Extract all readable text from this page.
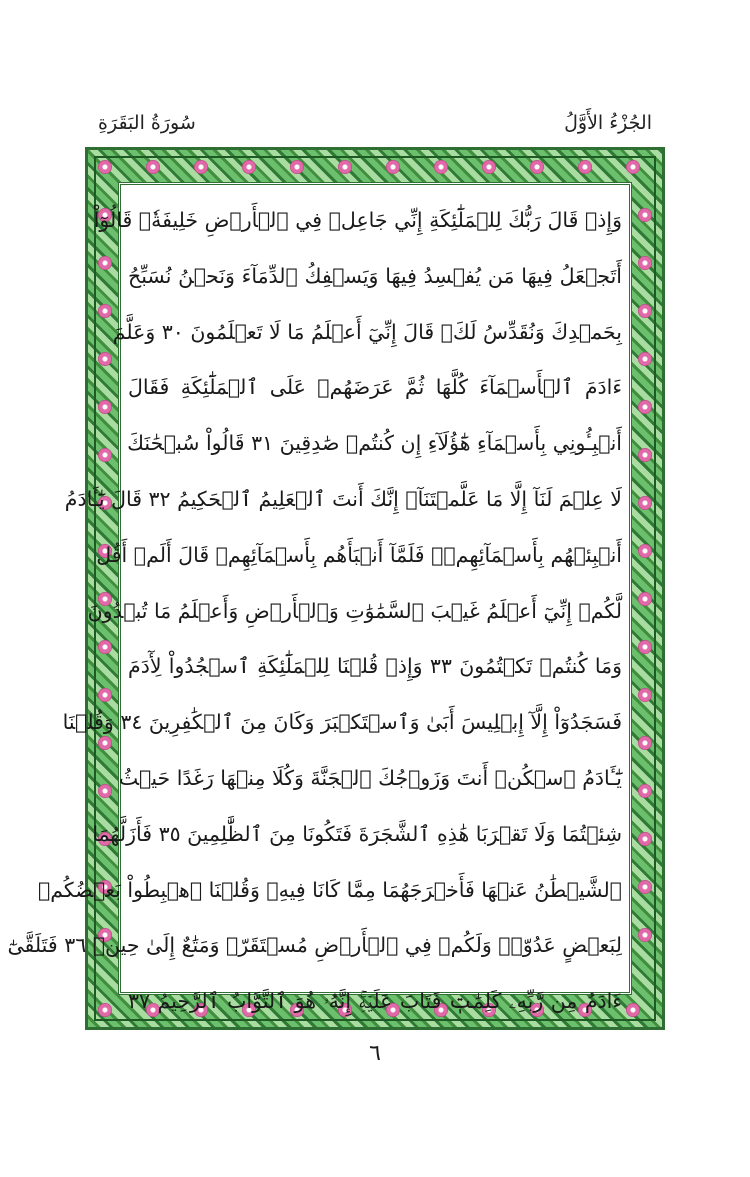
الجُزْءُ الأَوَّلُ
سُورَةُ البَقَرَةِ
وَإِذۡ قَالَ رَبُّكَ لِلۡمَلَٰٓئِكَةِ إِنِّي جَاعِلٞ فِي ٱلۡأَرۡضِ خَلِيفَةٗۖ قَالُوٓاْ
أَتَجۡعَلُ فِيهَا مَن يُفۡسِدُ فِيهَا وَيَسۡفِكُ ٱلدِّمَآءَ وَنَحۡنُ نُسَبِّحُ
بِحَمۡدِكَ وَنُقَدِّسُ لَكَۖ قَالَ إِنِّيٓ أَعۡلَمُ مَا لَا تَعۡلَمُونَ ٣٠ وَعَلَّمَ
ءَادَمَ ٱلۡأَسۡمَآءَ كُلَّهَا ثُمَّ عَرَضَهُمۡ عَلَى ٱلۡمَلَٰٓئِكَةِ فَقَالَ
أَنۢبِـُٔونِي بِأَسۡمَآءِ هَٰٓؤُلَآءِ إِن كُنتُمۡ صَٰدِقِينَ ٣١ قَالُواْ سُبۡحَٰنَكَ
لَا عِلۡمَ لَنَآ إِلَّا مَا عَلَّمۡتَنَآۖ إِنَّكَ أَنتَ ٱلۡعَلِيمُ ٱلۡحَكِيمُ ٣٢ قَالَ يَٰٓـَٔادَمُ
أَنۢبِئۡهُم بِأَسۡمَآئِهِمۡۖ فَلَمَّآ أَنۢبَأَهُم بِأَسۡمَآئِهِمۡ قَالَ أَلَمۡ أَقُل
لَّكُمۡ إِنِّيٓ أَعۡلَمُ غَيۡبَ ٱلسَّمَٰوَٰتِ وَٱلۡأَرۡضِ وَأَعۡلَمُ مَا تُبۡدُونَ
وَمَا كُنتُمۡ تَكۡتُمُونَ ٣٣ وَإِذۡ قُلۡنَا لِلۡمَلَٰٓئِكَةِ ٱسۡجُدُواْ لِأٓدَمَ
فَسَجَدُوٓاْ إِلَّآ إِبۡلِيسَ أَبَىٰ وَٱسۡتَكۡبَرَ وَكَانَ مِنَ ٱلۡكَٰفِرِينَ ٣٤ وَقُلۡنَا
يَٰٓـَٔادَمُ ٱسۡكُنۡ أَنتَ وَزَوۡجُكَ ٱلۡجَنَّةَ وَكُلَا مِنۡهَا رَغَدًا حَيۡثُ
شِئۡتُمَا وَلَا تَقۡرَبَا هَٰذِهِ ٱلشَّجَرَةَ فَتَكُونَا مِنَ ٱلظَّٰلِمِينَ ٣٥ فَأَزَلَّهُمَا
ٱلشَّيۡطَٰنُ عَنۡهَا فَأَخۡرَجَهُمَا مِمَّا كَانَا فِيهِۖ وَقُلۡنَا ٱهۡبِطُواْ بَعۡضُكُمۡ
لِبَعۡضٍ عَدُوّٞۖ وَلَكُمۡ فِي ٱلۡأَرۡضِ مُسۡتَقَرّٞ وَمَتَٰعٌ إِلَىٰ حِينٖ ٣٦ فَتَلَقَّىٰٓ
ءَادَمُ مِن رَّبِّهِۦ كَلِمَٰتٖ فَتَابَ عَلَيۡهِۚ إِنَّهُۥ هُوَ ٱلتَّوَّابُ ٱلرَّحِيمُ ٣٧
٦
